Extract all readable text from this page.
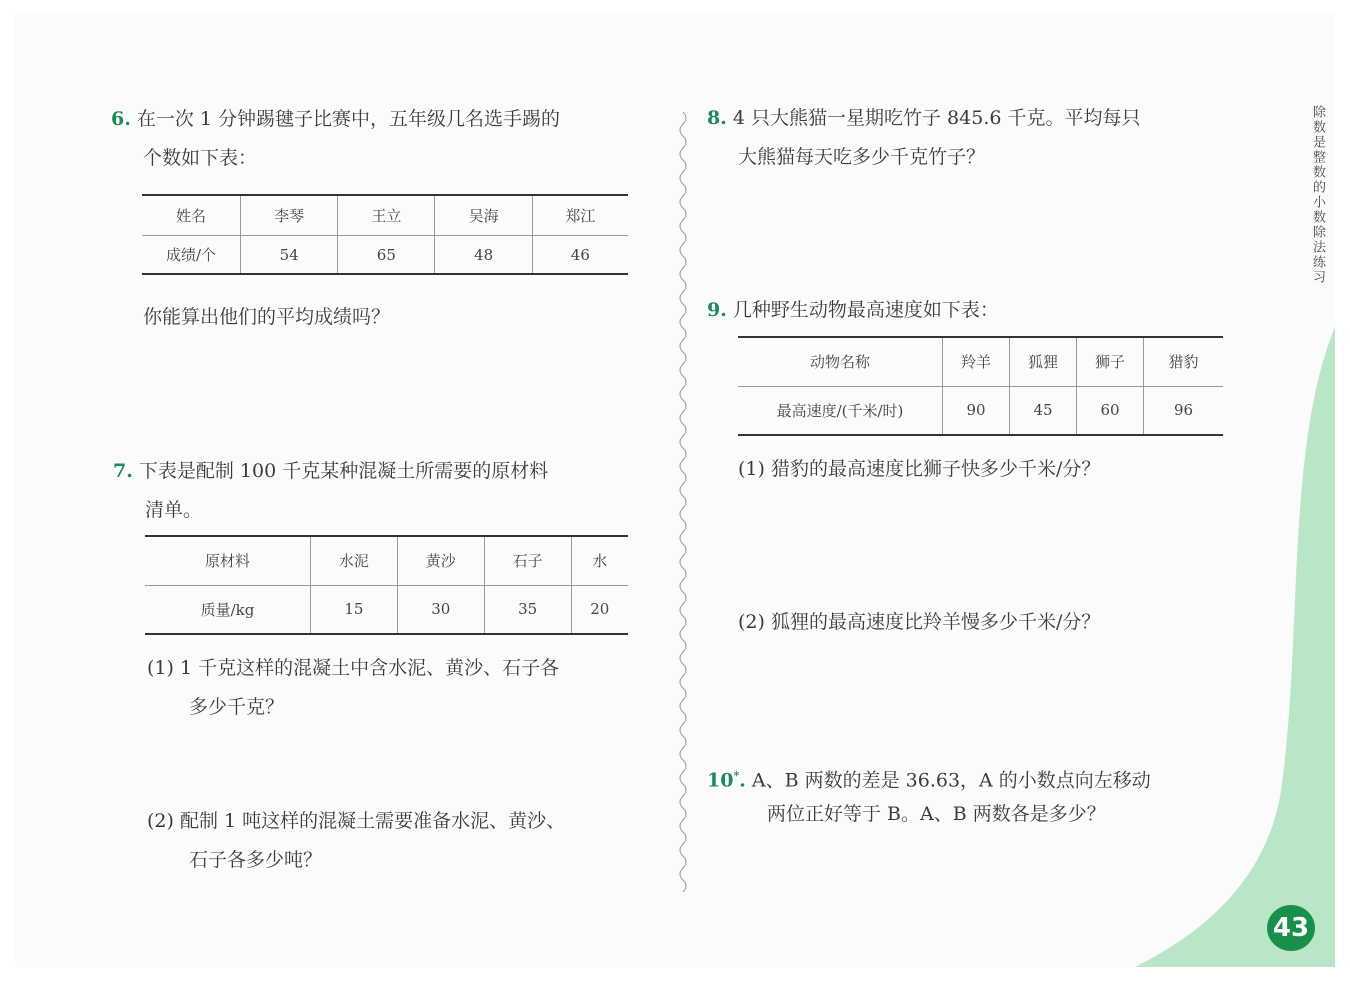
除数是整数的小数除法练习
43
6. 在一次 1 分钟踢毽子比赛中，五年级几名选手踢的
个数如下表：
姓名	李琴	王立	吴海	郑江
成绩/个	54	65	48	46
你能算出他们的平均成绩吗？
7. 下表是配制 100 千克某种混凝土所需要的原材料
清单。
原材料	水泥	黄沙	石子	水
质量/kg	15	30	35	20
(1) 1 千克这样的混凝土中含水泥、黄沙、石子各
多少千克？
(2) 配制 1 吨这样的混凝土需要准备水泥、黄沙、
石子各多少吨？
8. 4 只大熊猫一星期吃竹子 845.6 千克。平均每只
大熊猫每天吃多少千克竹子？
9. 几种野生动物最高速度如下表：
动物名称	羚羊	狐狸	狮子	猎豹
最高速度/(千米/时)	90	45	60	96
(1) 猎豹的最高速度比狮子快多少千米/分？
(2) 狐狸的最高速度比羚羊慢多少千米/分？
10*. A、B 两数的差是 36.63，A 的小数点向左移动
两位正好等于 B。A、B 两数各是多少？
